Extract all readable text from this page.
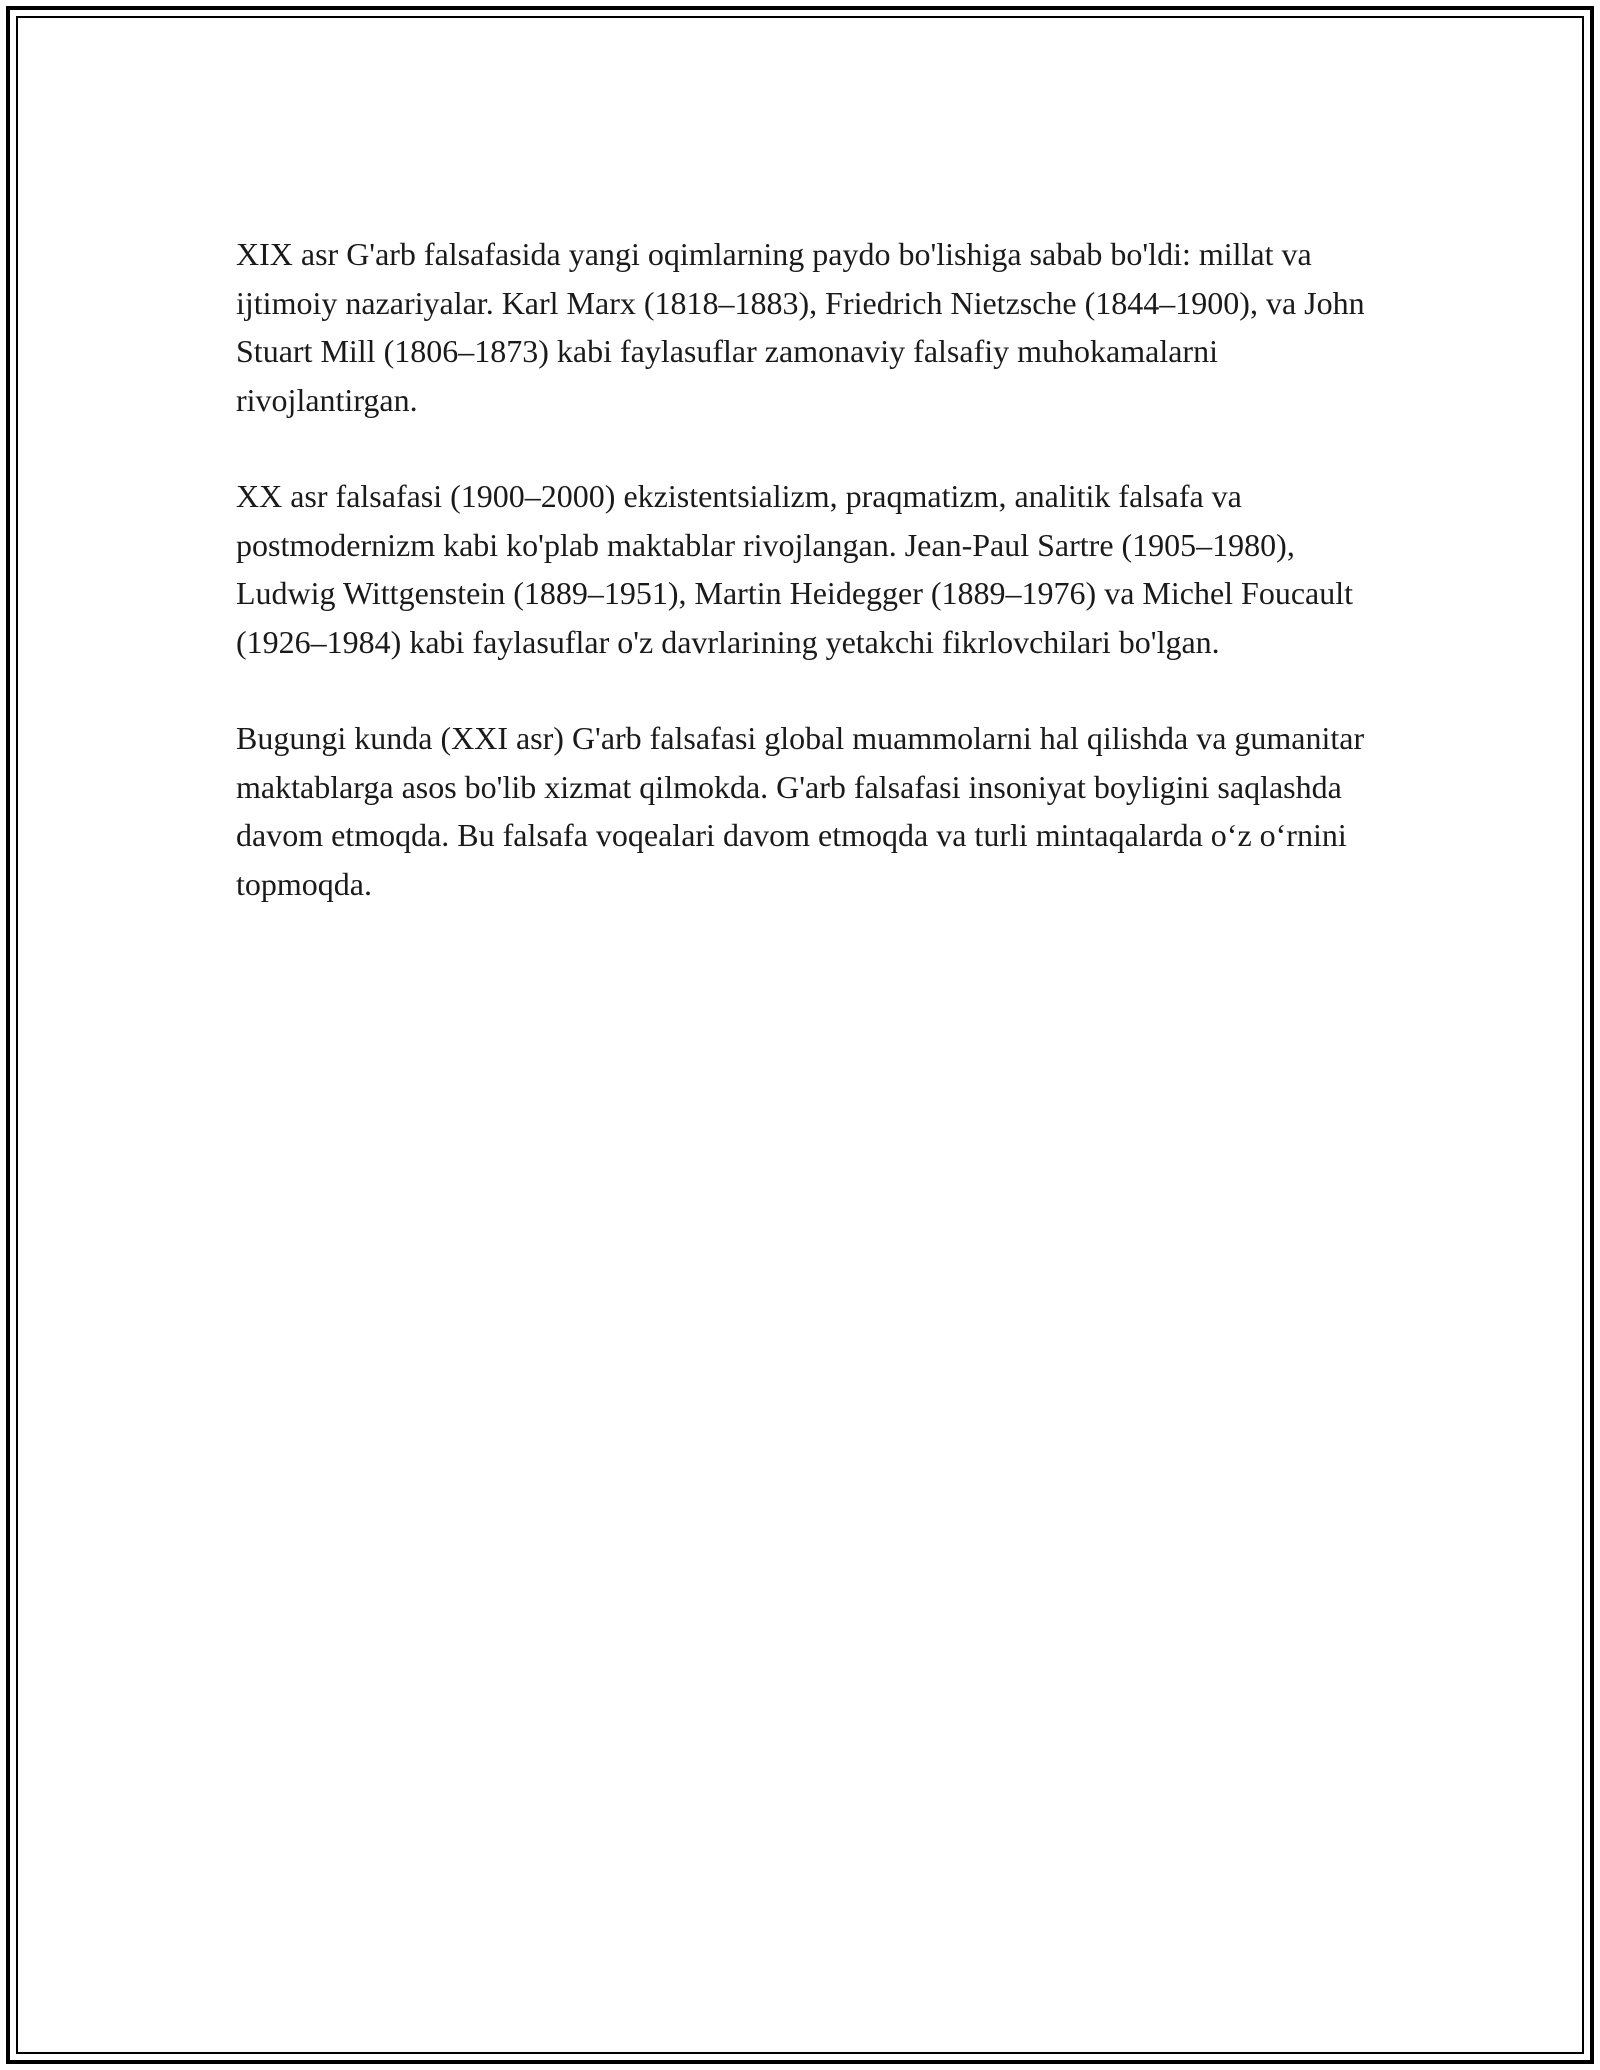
XIX asr G'arb falsafasida yangi oqimlarning paydo bo'lishiga sabab bo'ldi: millat va ijtimoiy nazariyalar. Karl Marx (1818–1883), Friedrich Nietzsche (1844–1900), va John Stuart Mill (1806–1873) kabi faylasuflar zamonaviy falsafiy muhokamalarni rivojlantirgan.

XX asr falsafasi (1900–2000) ekzistentsializm, praqmatizm, analitik falsafa va postmodernizm kabi ko'plab maktablar rivojlangan. Jean-Paul Sartre (1905–1980), Ludwig Wittgenstein (1889–1951), Martin Heidegger (1889–1976) va Michel Foucault (1926–1984) kabi faylasuflar o'z davrlarining yetakchi fikrlovchilari bo'lgan.

Bugungi kunda (XXI asr) G'arb falsafasi global muammolarni hal qilishda va gumanitar maktablarga asos bo'lib xizmat qilmokda. G'arb falsafasi insoniyat boyligini saqlashda davom etmoqda. Bu falsafa voqealari davom etmoqda va turli mintaqalarda o‘z o‘rnini topmoqda.
